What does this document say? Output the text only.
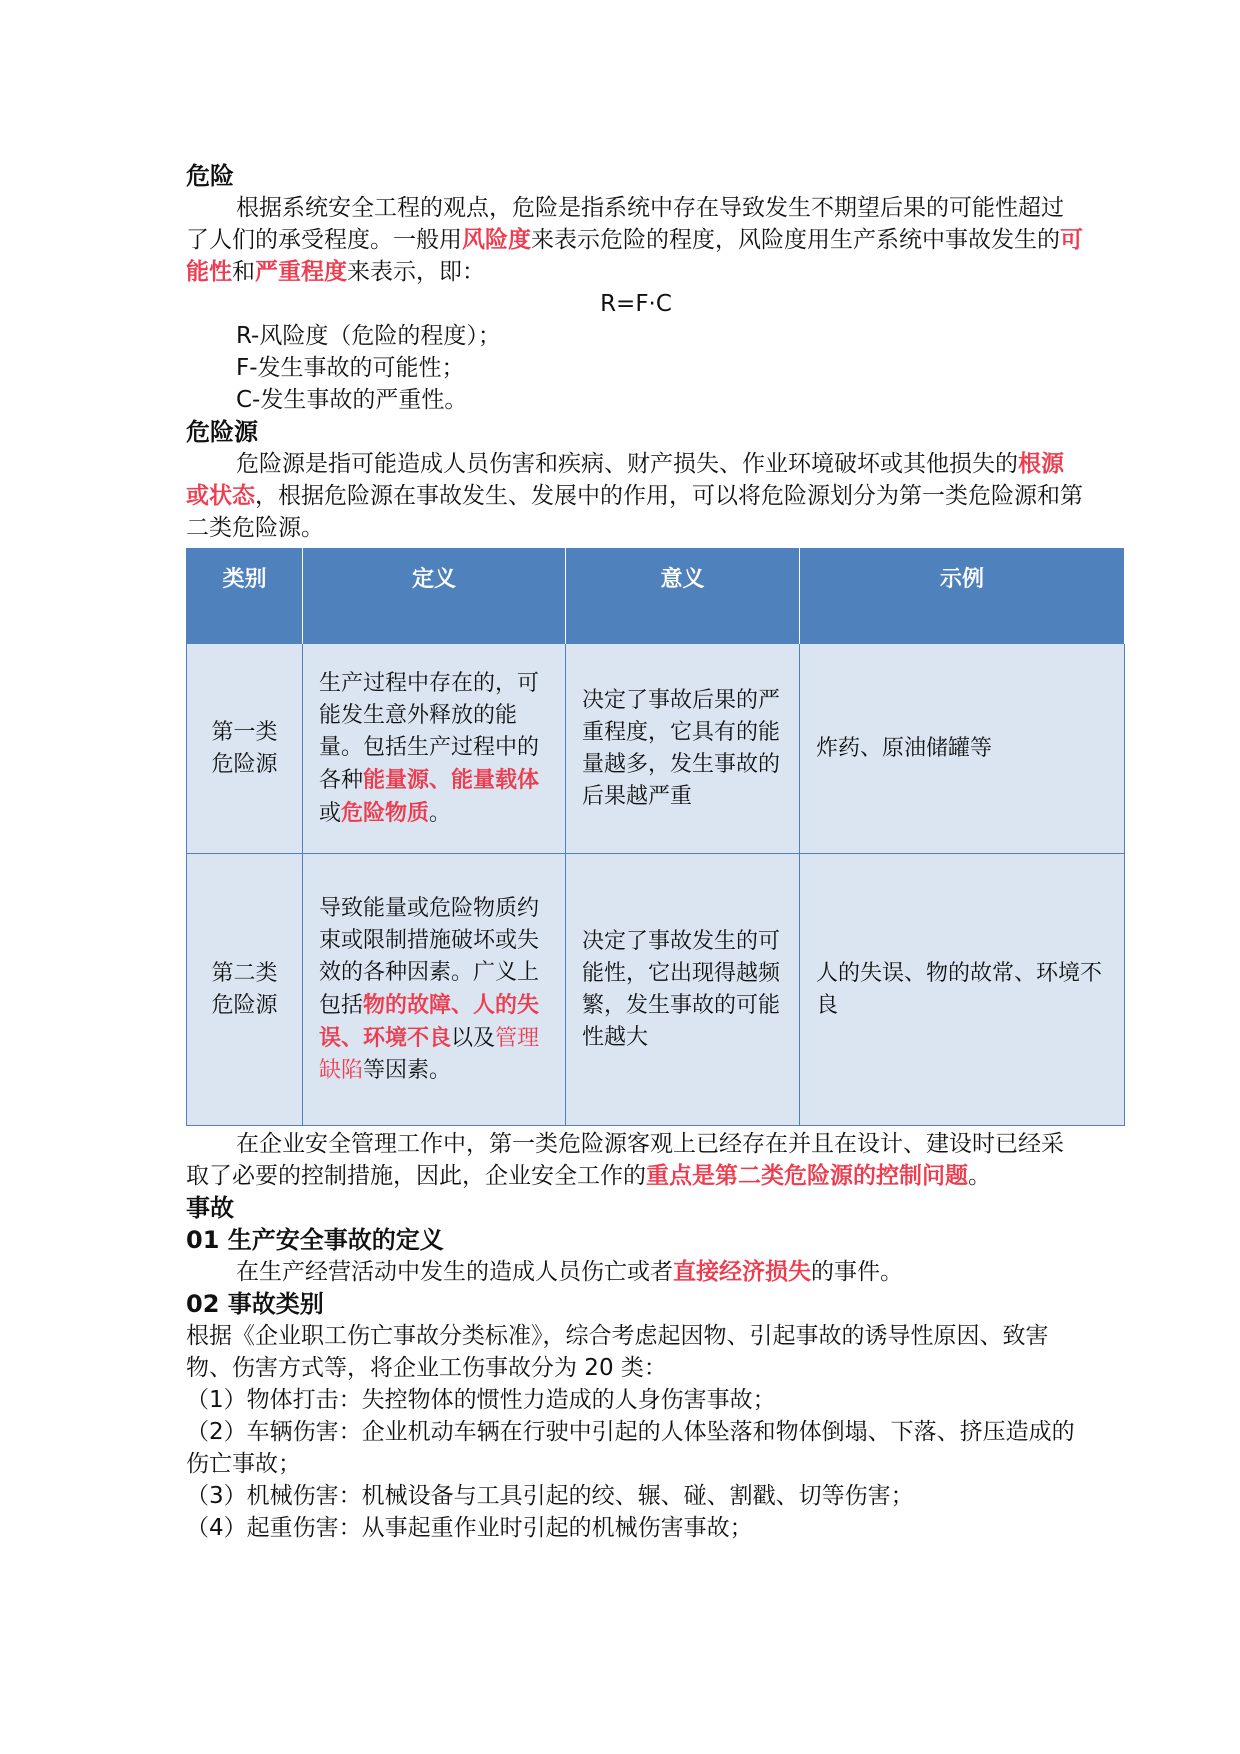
危险

根据系统安全工程的观点，危险是指系统中存在导致发生不期望后果的可能性超过了人们的承受程度。一般用风险度来表示危险的程度，风险度用生产系统中事故发生的可能性和严重程度来表示，即：

R=F·C

R-风险度（危险的程度）；

F-发生事故的可能性；

C-发生事故的严重性。

危险源

危险源是指可能造成人员伤害和疾病、财产损失、作业环境破坏或其他损失的根源或状态，根据危险源在事故发生、发展中的作用，可以将危险源划分为第一类危险源和第二类危险源。

类别	定义	意义	示例
第一类危险源	生产过程中存在的，可能发生意外释放的能量。包括生产过程中的各种能量源、能量载体或危险物质。	决定了事故后果的严重程度，它具有的能量越多，发生事故的后果越严重	炸药、原油储罐等
第二类危险源	导致能量或危险物质约束或限制措施破坏或失效的各种因素。广义上包括物的故障、人的失误、环境不良以及管理缺陷等因素。	决定了事故发生的可能性，它出现得越频繁，发生事故的可能性越大	人的失误、物的故常、环境不良

在企业安全管理工作中，第一类危险源客观上已经存在并且在设计、建设时已经采取了必要的控制措施，因此，企业安全工作的重点是第二类危险源的控制问题。

事故

01 生产安全事故的定义

在生产经营活动中发生的造成人员伤亡或者直接经济损失的事件。

02 事故类别

根据《企业职工伤亡事故分类标准》，综合考虑起因物、引起事故的诱导性原因、致害物、伤害方式等，将企业工伤事故分为 20 类：

（1）物体打击：失控物体的惯性力造成的人身伤害事故；

（2）车辆伤害：企业机动车辆在行驶中引起的人体坠落和物体倒塌、下落、挤压造成的伤亡事故；

（3）机械伤害：机械设备与工具引起的绞、辗、碰、割戳、切等伤害；

（4）起重伤害：从事起重作业时引起的机械伤害事故；
